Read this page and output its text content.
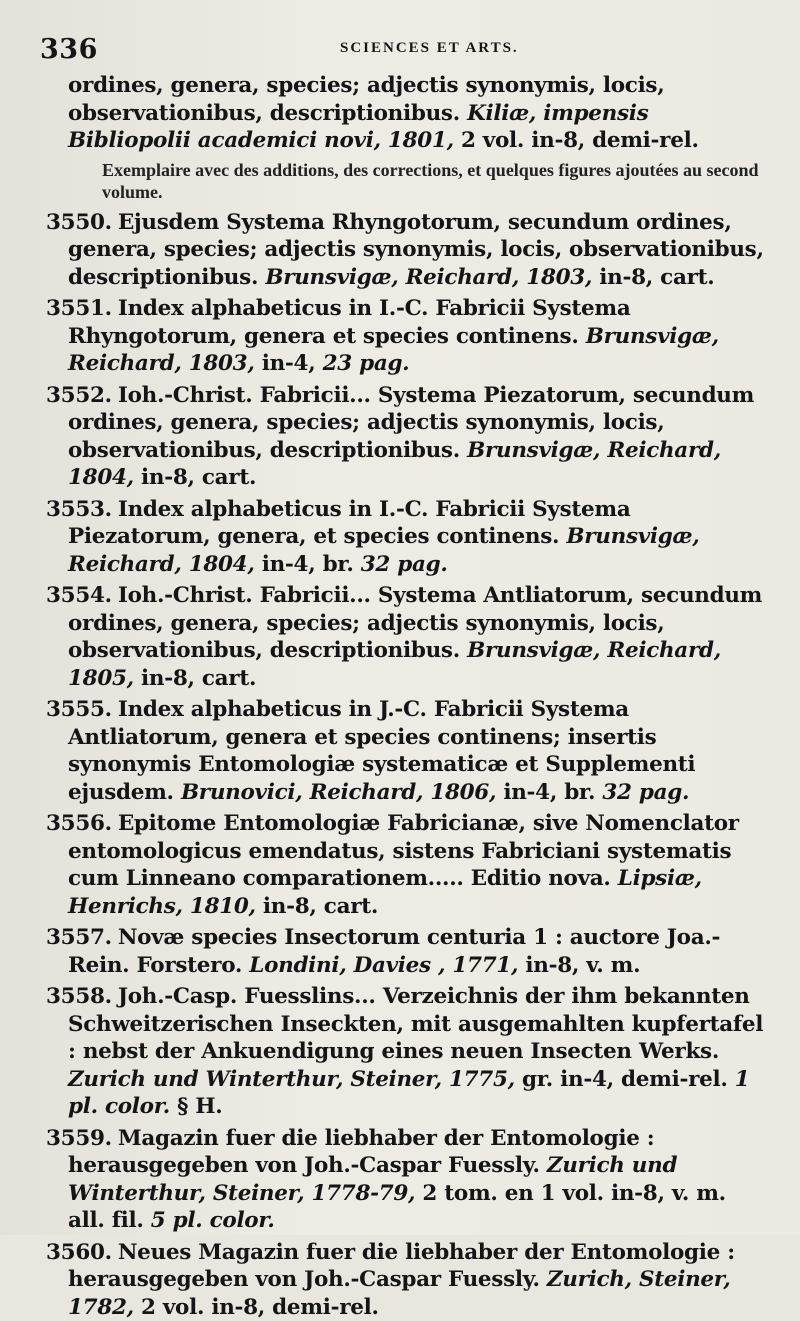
336	SCIENCES ET ARTS.
ordines, genera, species; adjectis synonymis, locis, observationibus, descriptionibus. Kiliæ, impensis Bibliopolii academici novi, 1801, 2 vol. in-8, demi-rel.
Exemplaire avec des additions, des corrections, et quelques figures ajoutées au second volume.
3550. Ejusdem Systema Rhyngotorum, secundum ordines, genera, species; adjectis synonymis, locis, observationibus, descriptionibus. Brunsvigæ, Reichard, 1803, in-8, cart.
3551. Index alphabeticus in I.-C. Fabricii Systema Rhyngotorum, genera et species continens. Brunsvigæ, Reichard, 1803, in-4, 23 pag.
3552. Ioh.-Christ. Fabricii... Systema Piezatorum, secundum ordines, genera, species; adjectis synonymis, locis, observationibus, descriptionibus. Brunsvigæ, Reichard, 1804, in-8, cart.
3553. Index alphabeticus in I.-C. Fabricii Systema Piezatorum, genera, et species continens. Brunsvigæ, Reichard, 1804, in-4, br. 32 pag.
3554. Ioh.-Christ. Fabricii... Systema Antliatorum, secundum ordines, genera, species; adjectis synonymis, locis, observationibus, descriptionibus. Brunsvigæ, Reichard, 1805, in-8, cart.
3555. Index alphabeticus in J.-C. Fabricii Systema Antliatorum, genera et species continens; insertis synonymis Entomologiæ systematicæ et Supplementi ejusdem. Brunovici, Reichard, 1806, in-4, br. 32 pag.
3556. Epitome Entomologiæ Fabricianæ, sive Nomenclator entomologicus emendatus, sistens Fabriciani systematis cum Linneano comparationem..... Editio nova. Lipsiæ, Henrichs, 1810, in-8, cart.
3557. Novæ species Insectorum centuria 1 : auctore Joa.-Rein. Forstero. Londini, Davies , 1771, in-8, v. m.
3558. Joh.-Casp. Fuesslins... Verzeichnis der ihm bekannten Schweitzerischen Inseckten, mit ausgemahlten kupfertafel : nebst der Ankuendigung eines neuen Insecten Werks. Zurich und Winterthur, Steiner, 1775, gr. in-4, demi-rel. 1 pl. color. § H.
3559. Magazin fuer die liebhaber der Entomologie : herausgegeben von Joh.-Caspar Fuessly. Zurich und Winterthur, Steiner, 1778-79, 2 tom. en 1 vol. in-8, v. m. all. fil. 5 pl. color.
3560. Neues Magazin fuer die liebhaber der Entomologie : herausgegeben von Joh.-Caspar Fuessly. Zurich, Steiner, 1782, 2 vol. in-8, demi-rel.
